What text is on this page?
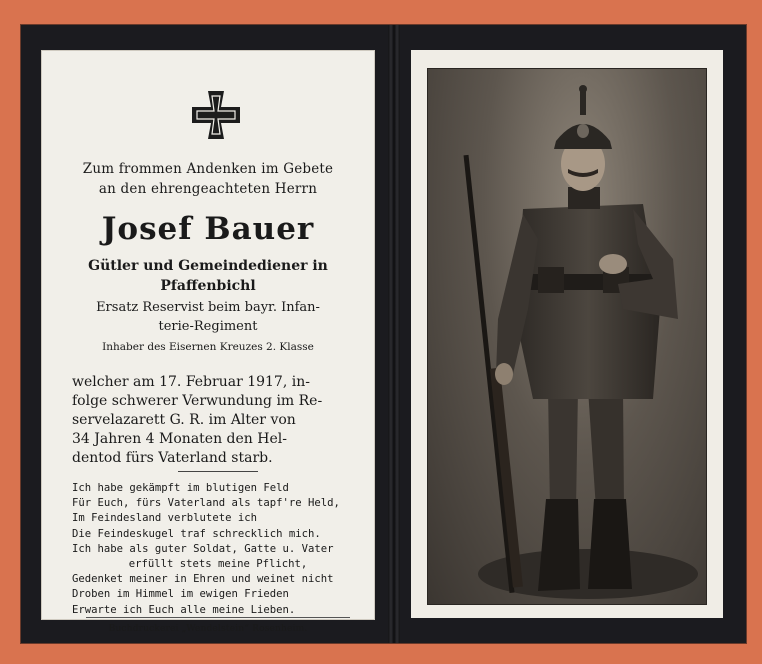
Zum frommen Andenken im Gebete
an den ehrengeachteten Herrn
Josef Bauer
Gütler und Gemeindediener in
Pfaffenbichl
Ersatz Reservist beim bayr. Infan-
terie-Regiment
Inhaber des Eisernen Kreuzes 2. Klasse
welcher am 17. Februar 1917, in-
folge schwerer Verwundung im Re-
servelazarett G. R. im Alter von
34 Jahren 4 Monaten den Hel-
dentod fürs Vaterland starb.
Ich habe gekämpft im blutigen Feld
Für Euch, fürs Vaterland als tapf're Held,
Im Feindesland verblutete ich
Die Feindeskugel traf schrecklich mich.
Ich habe als guter Soldat, Gatte u. Vater
erfüllt stets meine Pflicht,
Gedenket meiner in Ehren und weinet nicht
Droben im Himmel im ewigen Frieden
Erwarte ich Euch alle meine Lieben.
Buchdruckerei „Wendelstein“ Rosenheim.
